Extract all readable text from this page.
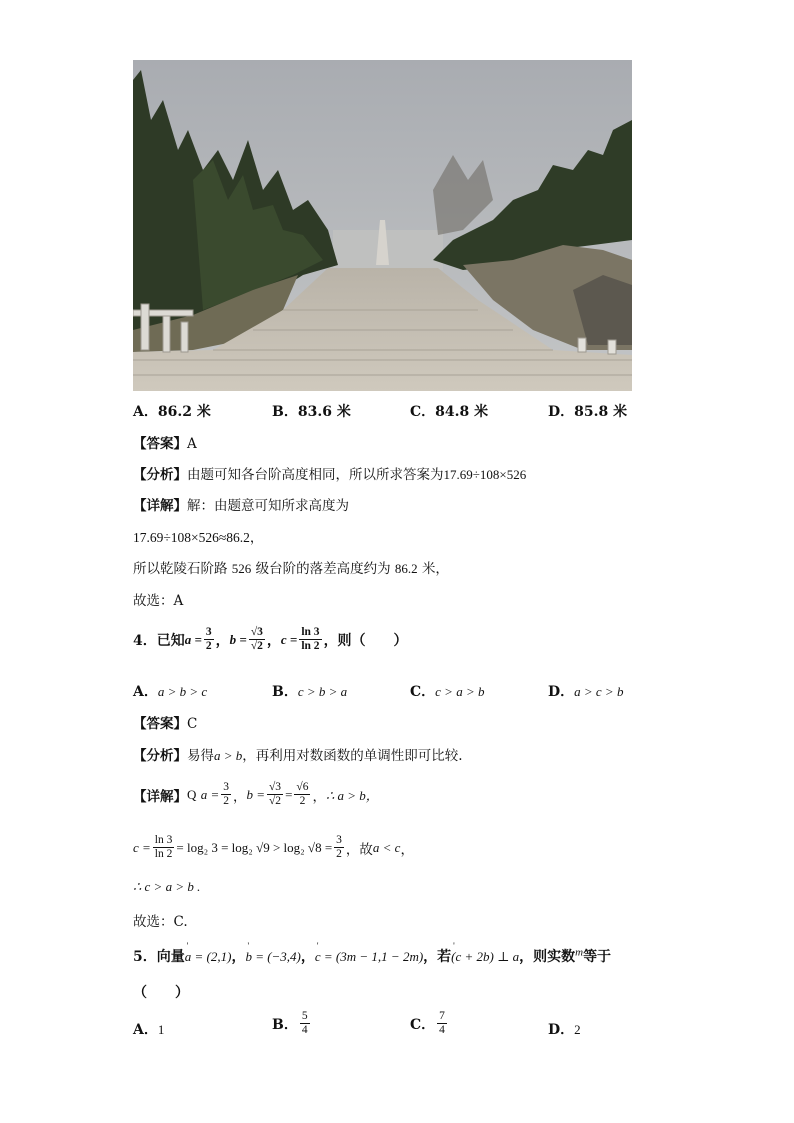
A．86.2 米	B．83.6 米	C．84.8 米	D．85.8 米
【答案】A
【分析】由题可知各台阶高度相同，所以所求答案为17.69÷108×526
【详解】解：由题意可知所求高度为
17.69÷108×526≈86.2，
所以乾陵石阶路 526 级台阶的落差高度约为 86.2 米，
故选：A
4．已知 $a = \frac{3}{2}$ ， $b = \frac{√3}{√2}$ ， $c = \frac{\ln 3}{\ln 2}$ ，则（　　）
A．a > b > c	B．c > b > a	C．c > a > b	D．a > c > b
【答案】C
【分析】易得a > b，再利用对数函数的单调性即可比较.
【详解】 Q
$a = \frac{3}{2}$ ， $b = \frac{√3}{√2} = \frac{√6}{2}$ ， ∴ a > b，
$c = \frac{\ln 3}{\ln 2} = \log_2$ 3 = log₂ √9 > log₂ $√8 = \frac{3}{2}$ ，故 a < c ，
∴ c > a > b .
故选：C.
5．向量' a = (2,1)，' b = (−3,4)，' c = (3m − 1,1 − 2m)，若' (c + 2b) ⊥ a，则实数$^m$等于
（　　）
A．1	B． $\frac{5}{4}$	C． $\frac{7}{4}$	D．2
